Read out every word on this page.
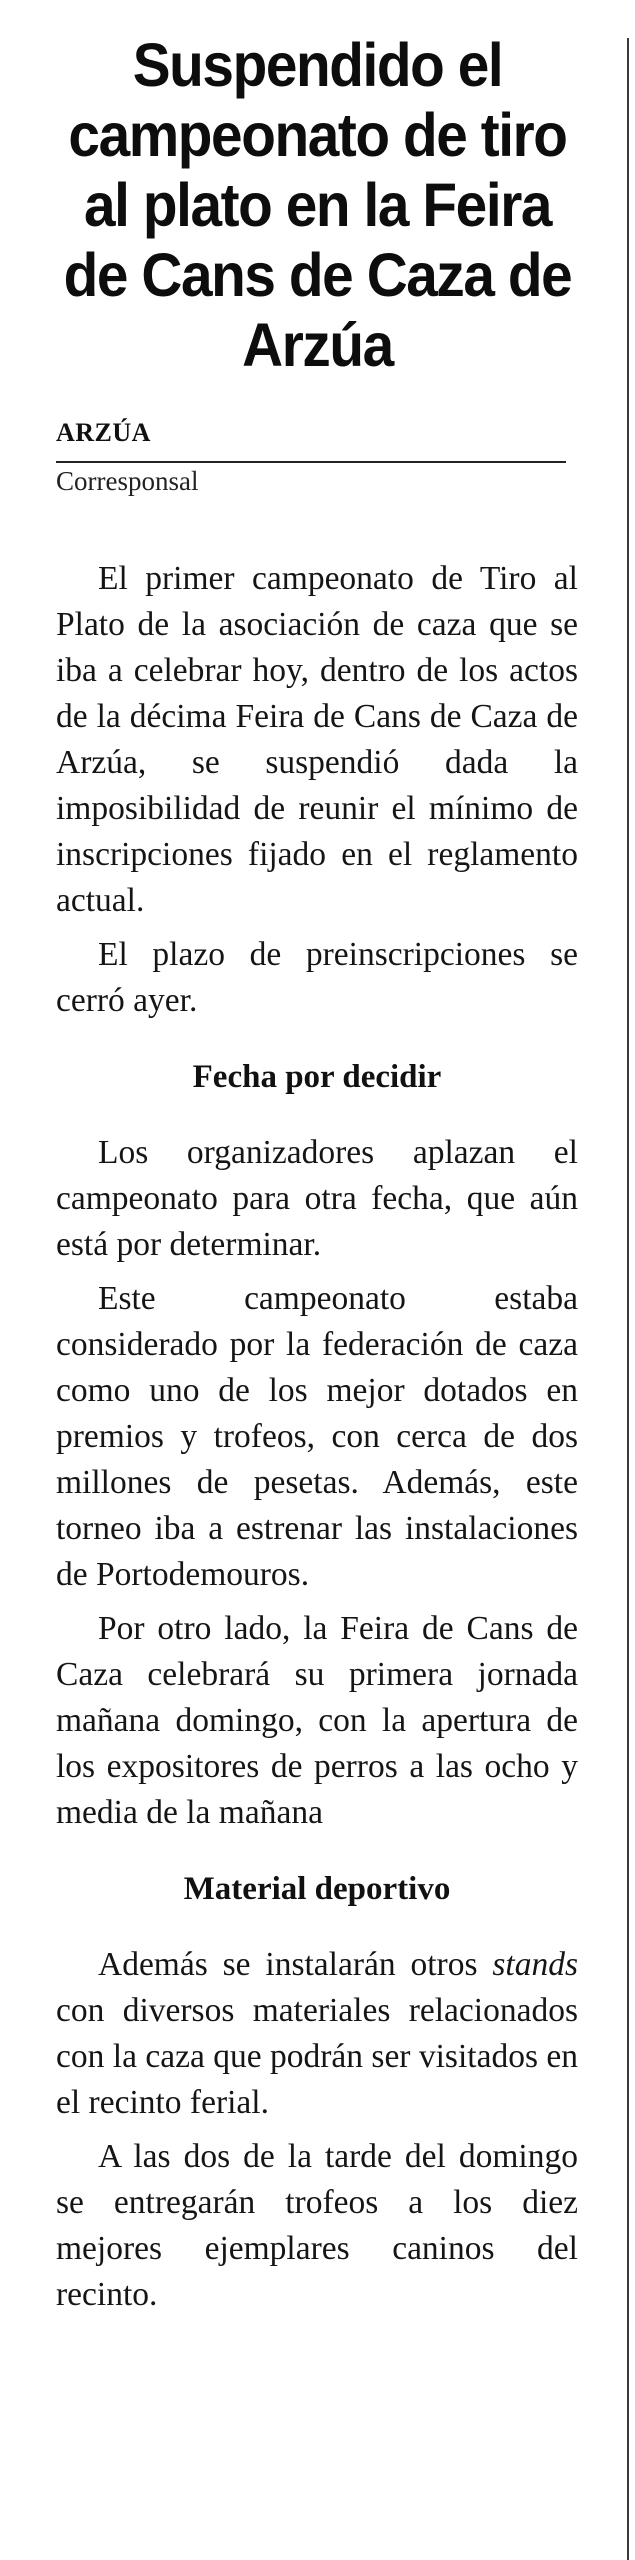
Suspendido el campeonato de tiro al plato en la Feira de Cans de Caza de Arzúa
ARZÚA
Corresponsal

El primer campeonato de Tiro al Plato de la asociación de caza que se iba a celebrar hoy, dentro de los actos de la décima Feira de Cans de Caza de Arzúa, se suspendió dada la imposibilidad de reunir el mínimo de inscripciones fijado en el reglamento actual.

El plazo de preinscripciones se cerró ayer.

Fecha por decidir

Los organizadores aplazan el campeonato para otra fecha, que aún está por determinar.

Este campeonato estaba considerado por la federación de caza como uno de los mejor dotados en premios y trofeos, con cerca de dos millones de pesetas. Además, este torneo iba a estrenar las instalaciones de Portodemouros.

Por otro lado, la Feira de Cans de Caza celebrará su primera jornada mañana domingo, con la apertura de los expositores de perros a las ocho y media de la mañana

Material deportivo

Además se instalarán otros stands con diversos materiales relacionados con la caza que podrán ser visitados en el recinto ferial.

A las dos de la tarde del domingo se entregarán trofeos a los diez mejores ejemplares caninos del recinto.
